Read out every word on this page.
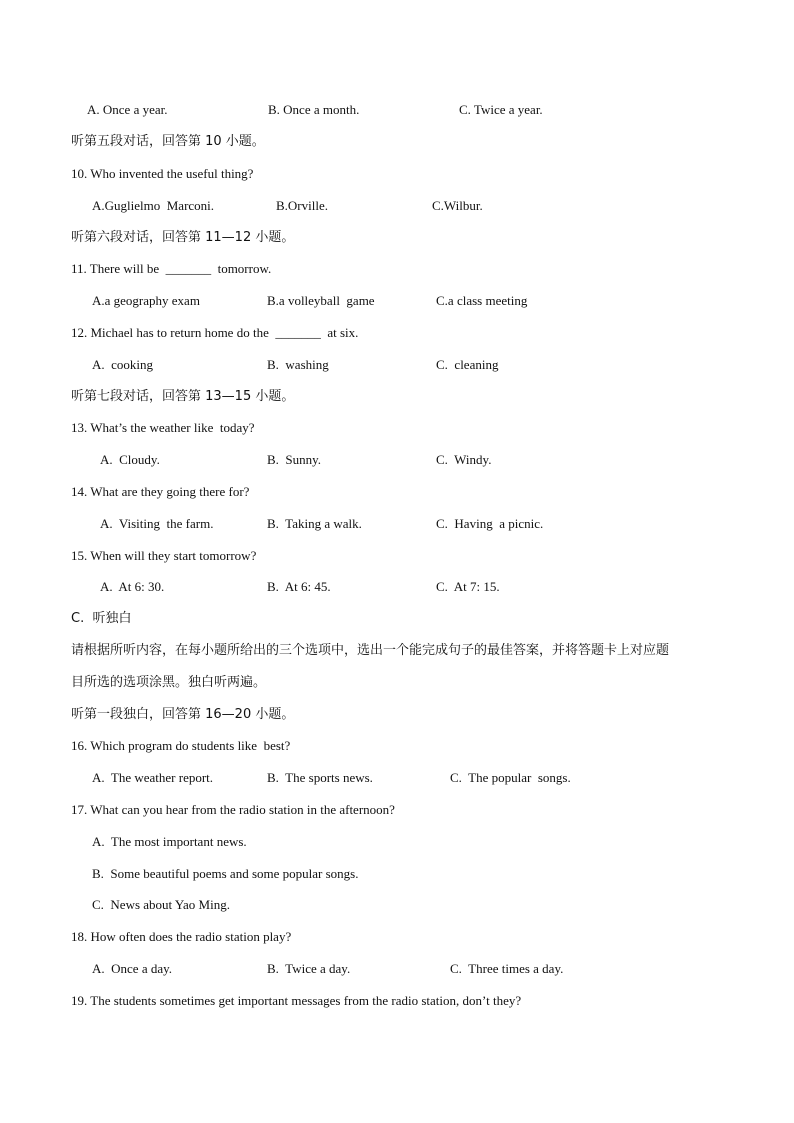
A. Once a year.	B. Once a month.	C. Twice a year.
听第五段对话，回答第 10 小题。
10. Who invented the useful thing?
A.Guglielmo  Marconi.	B.Orville.	C.Wilbur.
听第六段对话，回答第 11—12 小题。
11. There will be  _______  tomorrow.
A.a geography exam	B.a volleyball  game	C.a class meeting
12. Michael has to return home do the  _______  at six.
A.  cooking	B.  washing	C.  cleaning
听第七段对话，回答第 13—15 小题。
13. What’s the weather like  today?
A.  Cloudy.	B.  Sunny.	C.  Windy.
14. What are they going there for?
A.  Visiting  the farm.	B.  Taking a walk.	C.  Having  a picnic.
15. When will they start tomorrow?
A.  At 6: 30.	B.  At 6: 45.	C.  At 7: 15.
C.  听独白
请根据所听内容，在每小题所给出的三个选项中，选出一个能完成句子的最佳答案，并将答题卡上对应题
目所选的选项涂黑。独白听两遍。
听第一段独白，回答第 16—20 小题。
16. Which program do students like  best?
A.  The weather report.	B.  The sports news.	C.  The popular  songs.
17. What can you hear from the radio station in the afternoon?
A.  The most important news.
B.  Some beautiful poems and some popular songs.
C.  News about Yao Ming.
18. How often does the radio station play?
A.  Once a day.	B.  Twice a day.	C.  Three times a day.
19. The students sometimes get important messages from the radio station, don’t they?
